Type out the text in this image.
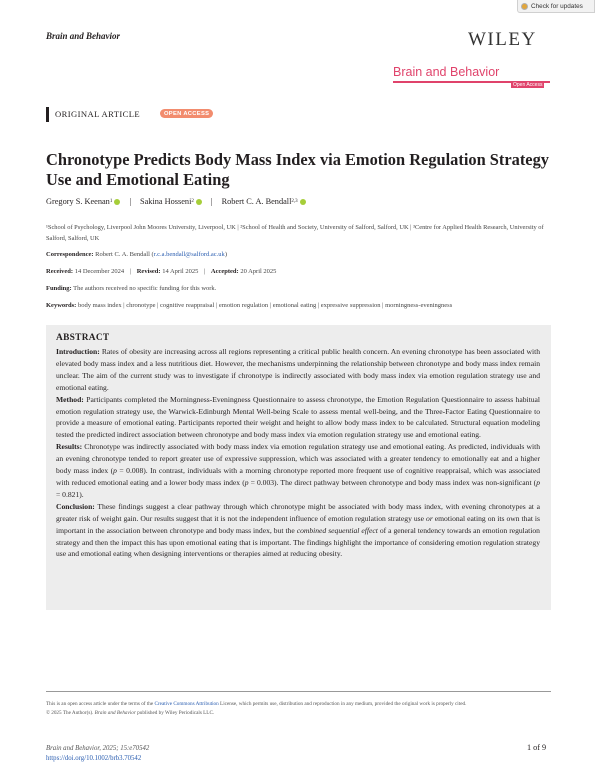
Check for updates
Brain and Behavior	WILEY
Brain and Behavior
Open Access
ORIGINAL ARTICLE	OPEN ACCESS
Chronotype Predicts Body Mass Index via Emotion Regulation Strategy Use and Emotional Eating
Gregory S. Keenan 1 | Sakina Hosseni 2 | Robert C. A. Bendall 2,3
¹School of Psychology, Liverpool John Moores University, Liverpool, UK | ²School of Health and Society, University of Salford, Salford, UK | ³Centre for Applied Health Research, University of Salford, Salford, UK
Correspondence: Robert C. A. Bendall (r.c.a.bendall@salford.ac.uk)
Received: 14 December 2024 | Revised: 14 April 2025 | Accepted: 20 April 2025
Funding: The authors received no specific funding for this work.
Keywords: body mass index | chronotype | cognitive reappraisal | emotion regulation | emotional eating | expressive suppression | morningness-eveningness
ABSTRACT

Introduction: Rates of obesity are increasing across all regions representing a critical public health concern. An evening chronotype has been associated with elevated body mass index and a less nutritious diet. However, the mechanisms underpinning the relationship between chronotype and body mass index remain unclear. The aim of the current study was to investigate if chronotype is indirectly associated with body mass index via emotion regulation strategy use and emotional eating.

Method: Participants completed the Morningness-Eveningness Questionnaire to assess chronotype, the Emotion Regulation Questionnaire to assess habitual emotion regulation strategy use, the Warwick-Edinburgh Mental Well-being Scale to assess mental well-being, and the Three-Factor Eating Questionnaire to provide a measure of emotional eating. Participants reported their weight and height to allow body mass index to be calculated. Structural equation modeling tested the predicted indirect association between chronotype and body mass index via emotion regulation strategy use and emotional eating.

Results: Chronotype was indirectly associated with body mass index via emotion regulation strategy use and emotional eating. As predicted, individuals with an evening chronotype tended to report greater use of expressive suppression, which was associated with a greater tendency to emotionally eat and a higher body mass index (p = 0.008). In contrast, individuals with a morning chronotype reported more frequent use of cognitive reappraisal, which was associated with reduced emotional eating and a lower body mass index (p = 0.003). The direct pathway between chronotype and body mass index was non-significant (p = 0.821).

Conclusion: These findings suggest a clear pathway through which chronotype might be associated with body mass index, with evening chronotypes at a greater risk of weight gain. Our results suggest that it is not the independent influence of emotion regulation strategy use or emotional eating on its own that is important in the association between chronotype and body mass index, but the combined sequential effect of a general tendency towards an emotion regulation strategy and then the impact this has upon emotional eating that is important. The findings highlight the importance of considering emotion regulation strategy use and emotional eating when designing interventions or therapies aimed at reducing obesity.

This is an open access article under the terms of the Creative Commons Attribution License, which permits use, distribution and reproduction in any medium, provided the original work is properly cited.
© 2025 The Author(s). Brain and Behavior published by Wiley Periodicals LLC.
Brain and Behavior, 2025; 15:e70542
https://doi.org/10.1002/brb3.70542
1 of 9
